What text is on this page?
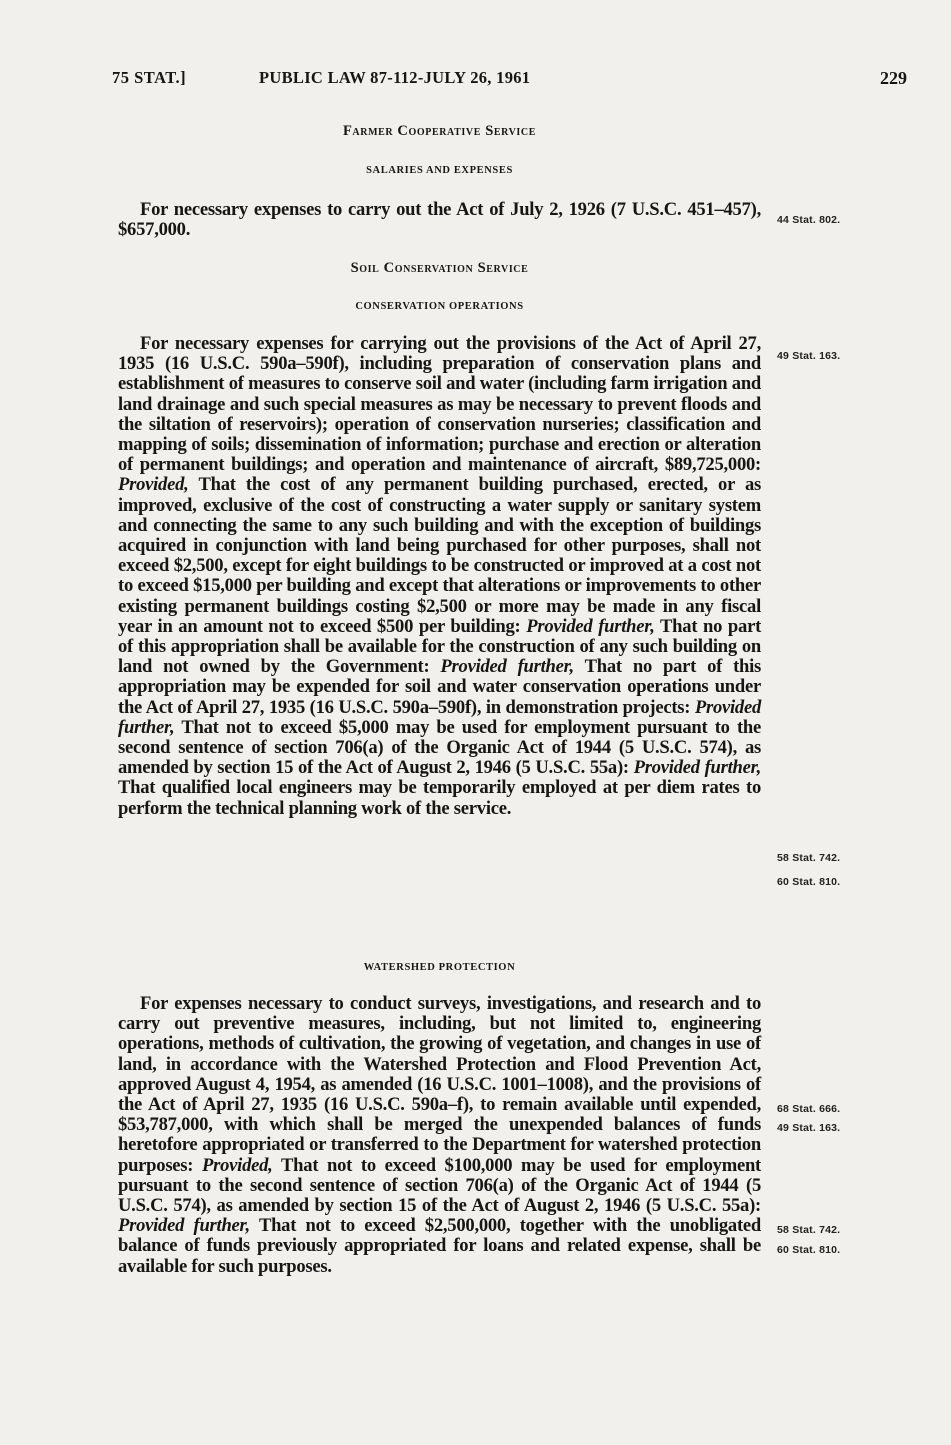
75 STAT.]	PUBLIC LAW 87-112-JULY 26, 1961	229
Farmer Cooperative Service
SALARIES AND EXPENSES

For necessary expenses to carry out the Act of July 2, 1926 (7 U.S.C. 451–457), $657,000.

Soil Conservation Service
CONSERVATION OPERATIONS

For necessary expenses for carrying out the provisions of the Act of April 27, 1935 (16 U.S.C. 590a–590f), including preparation of conservation plans and establishment of measures to conserve soil and water (including farm irrigation and land drainage and such special measures as may be necessary to prevent floods and the siltation of reservoirs); operation of conservation nurseries; classification and mapping of soils; dissemination of information; purchase and erection or alteration of permanent buildings; and operation and maintenance of aircraft, $89,725,000: Provided, That the cost of any permanent building purchased, erected, or as improved, exclusive of the cost of constructing a water supply or sanitary system and connecting the same to any such building and with the exception of buildings acquired in conjunction with land being purchased for other purposes, shall not exceed $2,500, except for eight buildings to be constructed or improved at a cost not to exceed $15,000 per building and except that alterations or improvements to other existing permanent buildings costing $2,500 or more may be made in any fiscal year in an amount not to exceed $500 per building: Provided further, That no part of this appropriation shall be available for the construction of any such building on land not owned by the Government: Provided further, That no part of this appropriation may be expended for soil and water conservation operations under the Act of April 27, 1935 (16 U.S.C. 590a–590f), in demonstration projects: Provided further, That not to exceed $5,000 may be used for employment pursuant to the second sentence of section 706(a) of the Organic Act of 1944 (5 U.S.C. 574), as amended by section 15 of the Act of August 2, 1946 (5 U.S.C. 55a): Provided further, That qualified local engineers may be temporarily employed at per diem rates to perform the technical planning work of the service.

WATERSHED PROTECTION

For expenses necessary to conduct surveys, investigations, and research and to carry out preventive measures, including, but not limited to, engineering operations, methods of cultivation, the growing of vegetation, and changes in use of land, in accordance with the Watershed Protection and Flood Prevention Act, approved August 4, 1954, as amended (16 U.S.C. 1001–1008), and the provisions of the Act of April 27, 1935 (16 U.S.C. 590a–f), to remain available until expended, $53,787,000, with which shall be merged the unexpended balances of funds heretofore appropriated or transferred to the Department for watershed protection purposes: Provided, That not to exceed $100,000 may be used for employment pursuant to the second sentence of section 706(a) of the Organic Act of 1944 (5 U.S.C. 574), as amended by section 15 of the Act of August 2, 1946 (5 U.S.C. 55a): Provided further, That not to exceed $2,500,000, together with the unobligated balance of funds previously appropriated for loans and related expense, shall be available for such purposes.

44 Stat. 802.
49 Stat. 163.
58 Stat. 742.
60 Stat. 810.
68 Stat. 666.
49 Stat. 163.
58 Stat. 742.
60 Stat. 810.
